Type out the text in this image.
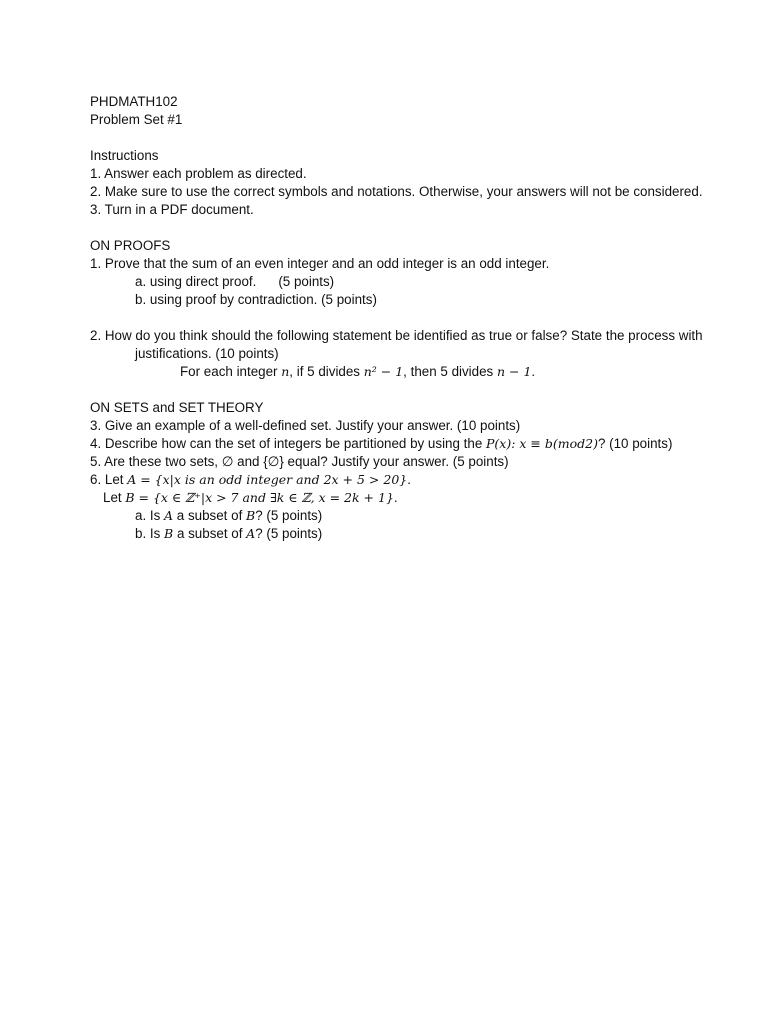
PHDMATH102
Problem Set #1
Instructions
1. Answer each problem as directed.
2. Make sure to use the correct symbols and notations. Otherwise, your answers will not be considered.
3. Turn in a PDF document.
ON PROOFS
1. Prove that the sum of an even integer and an odd integer is an odd integer.
a. using direct proof. (5 points)
b. using proof by contradiction. (5 points)
2. How do you think should the following statement be identified as true or false? State the process with
justifications. (10 points)
For each integer n, if 5 divides n² − 1, then 5 divides n − 1.
ON SETS and SET THEORY
3. Give an example of a well-defined set. Justify your answer. (10 points)
4. Describe how can the set of integers be partitioned by using the P(x): x ≡ b(mod2)? (10 points)
5. Are these two sets, ∅ and {∅} equal? Justify your answer. (5 points)
6. Let A = {x|x is an odd integer and 2x + 5 > 20}.
Let B = {x ∈ ℤ⁺|x > 7 and ∃k ∈ ℤ, x = 2k + 1}.
a. Is A a subset of B? (5 points)
b. Is B a subset of A? (5 points)
